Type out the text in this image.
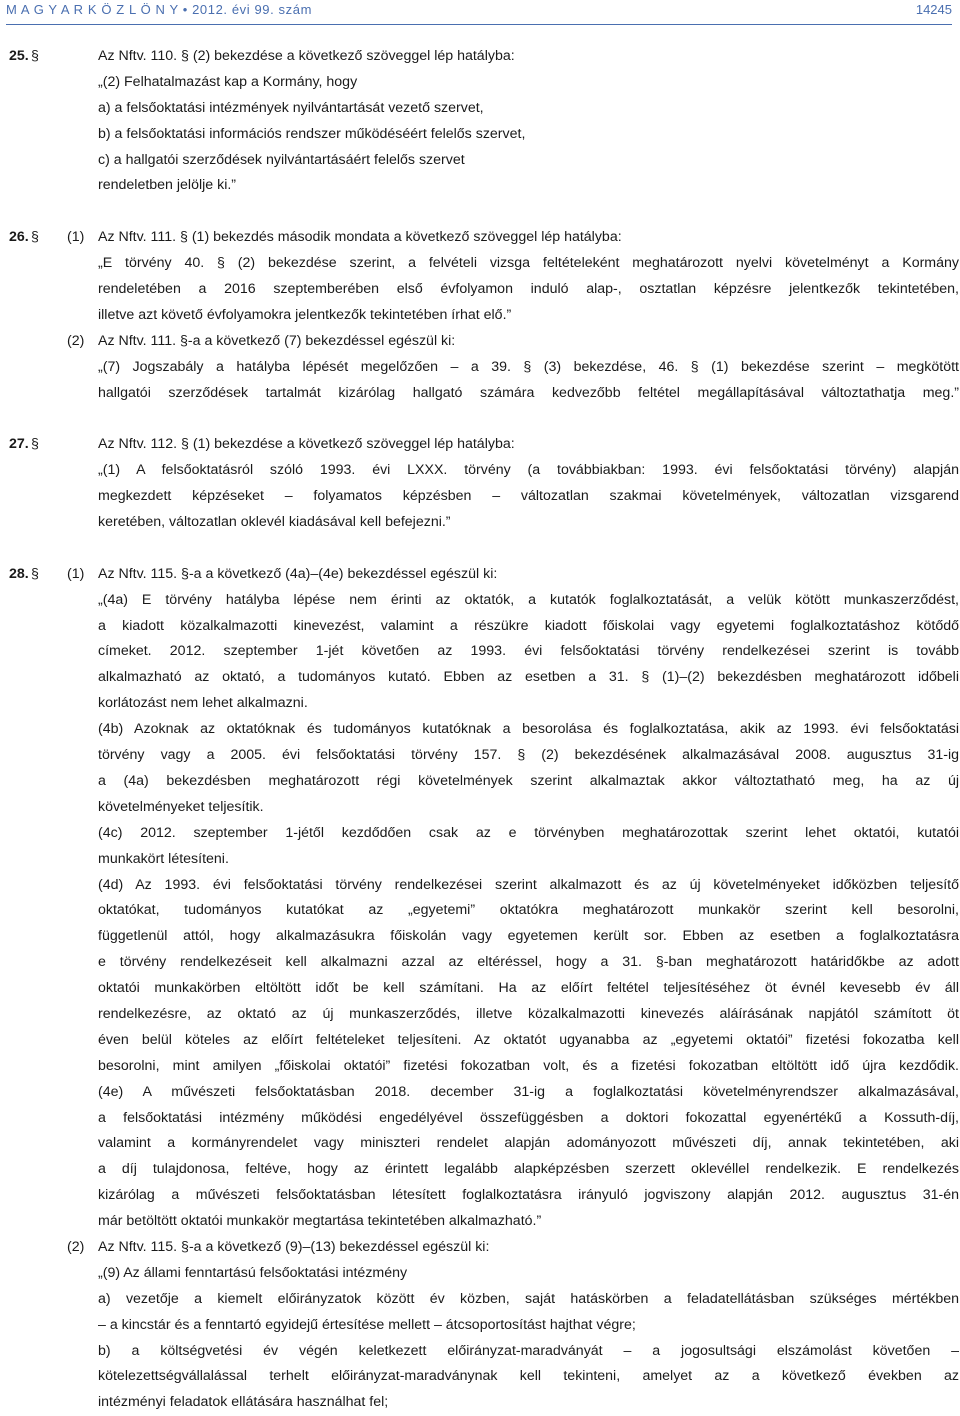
M A G Y A R K Ö Z L Ö N Y • 2012. évi 99. szám	14245
25. §	Az Nftv. 110. § (2) bekezdése a következő szöveggel lép hatályba:
„(2) Felhatalmazást kap a Kormány, hogy
a) a felsőoktatási intézmények nyilvántartását vezető szervet,
b) a felsőoktatási információs rendszer működéséért felelős szervet,
c) a hallgatói szerződések nyilvántartásáért felelős szervet
rendeletben jelölje ki.”
26. § (1) Az Nftv. 111. § (1) bekezdés második mondata a következő szöveggel lép hatályba:
„E törvény 40. § (2) bekezdése szerint, a felvételi vizsga feltételeként meghatározott nyelvi követelményt a Kormány
rendeletében a 2016 szeptemberében első évfolyamon induló alap-, osztatlan képzésre jelentkezők tekintetében,
illetve azt követő évfolyamokra jelentkezők tekintetében írhat elő.”
(2) Az Nftv. 111. §-a a következő (7) bekezdéssel egészül ki:
„(7) Jogszabály a hatályba lépését megelőzően – a 39. § (3) bekezdése, 46. § (1) bekezdése szerint – megkötött
hallgatói szerződések tartalmát kizárólag hallgató számára kedvezőbb feltétel megállapításával változtathatja meg.”
27. §	Az Nftv. 112. § (1) bekezdése a következő szöveggel lép hatályba:
„(1) A felsőoktatásról szóló 1993. évi LXXX. törvény (a továbbiakban: 1993. évi felsőoktatási törvény) alapján
megkezdett képzéseket – folyamatos képzésben – változatlan szakmai követelmények, változatlan vizsgarend
keretében, változatlan oklevél kiadásával kell befejezni.”
28. § (1) Az Nftv. 115. §-a a következő (4a)–(4e) bekezdéssel egészül ki:
„(4a) E törvény hatályba lépése nem érinti az oktatók, a kutatók foglalkoztatását, a velük kötött munkaszerződést,
a kiadott közalkalmazotti kinevezést, valamint a részükre kiadott főiskolai vagy egyetemi foglalkoztatáshoz kötődő
címeket. 2012. szeptember 1-jét követően az 1993. évi felsőoktatási törvény rendelkezései szerint is tovább
alkalmazható az oktató, a tudományos kutató. Ebben az esetben a 31. § (1)–(2) bekezdésben meghatározott időbeli
korlátozást nem lehet alkalmazni.
(4b) Azoknak az oktatóknak és tudományos kutatóknak a besorolása és foglalkoztatása, akik az 1993. évi felsőoktatási
törvény vagy a 2005. évi felsőoktatási törvény 157. § (2) bekezdésének alkalmazásával 2008. augusztus 31-ig
a (4a) bekezdésben meghatározott régi követelmények szerint alkalmaztak akkor változtatható meg, ha az új
követelményeket teljesítik.
(4c) 2012. szeptember 1-jétől kezdődően csak az e törvényben meghatározottak szerint lehet oktatói, kutatói
munkakört létesíteni.
(4d) Az 1993. évi felsőoktatási törvény rendelkezései szerint alkalmazott és az új követelményeket időközben teljesítő
oktatókat, tudományos kutatókat az „egyetemi” oktatókra meghatározott munkakör szerint kell besorolni,
függetlenül attól, hogy alkalmazásukra főiskolán vagy egyetemen került sor. Ebben az esetben a foglalkoztatásra
e törvény rendelkezéseit kell alkalmazni azzal az eltéréssel, hogy a 31. §-ban meghatározott határidőkbe az adott
oktatói munkakörben eltöltött időt be kell számítani. Ha az előírt feltétel teljesítéséhez öt évnél kevesebb év áll
rendelkezésre, az oktató az új munkaszerződés, illetve közalkalmazotti kinevezés aláírásának napjától számított öt
éven belül köteles az előírt feltételeket teljesíteni. Az oktatót ugyanabba az „egyetemi oktatói” fizetési fokozatba kell
besorolni, mint amilyen „főiskolai oktatói” fizetési fokozatban volt, és a fizetési fokozatban eltöltött idő újra kezdődik.
(4e) A művészeti felsőoktatásban 2018. december 31-ig a foglalkoztatási követelményrendszer alkalmazásával,
a felsőoktatási intézmény működési engedélyével összefüggésben a doktori fokozattal egyenértékű a Kossuth-díj,
valamint a kormányrendelet vagy miniszteri rendelet alapján adományozott művészeti díj, annak tekintetében, aki
a díj tulajdonosa, feltéve, hogy az érintett legalább alapképzésben szerzett oklevéllel rendelkezik. E rendelkezés
kizárólag a művészeti felsőoktatásban létesített foglalkoztatásra irányuló jogviszony alapján 2012. augusztus 31-én
már betöltött oktatói munkakör megtartása tekintetében alkalmazható.”
(2) Az Nftv. 115. §-a a következő (9)–(13) bekezdéssel egészül ki:
„(9) Az állami fenntartású felsőoktatási intézmény
a) vezetője a kiemelt előirányzatok között év közben, saját hatáskörben a feladatellátásban szükséges mértékben
– a kincstár és a fenntartó egyidejű értesítése mellett – átcsoportosítást hajthat végre;
b) a költségvetési év végén keletkezett előirányzat-maradványát – a jogosultsági elszámolást követően –
kötelezettségvállalással terhelt előirányzat-maradványnak kell tekinteni, amelyet az a következő években az
intézményi feladatok ellátására használhat fel;
